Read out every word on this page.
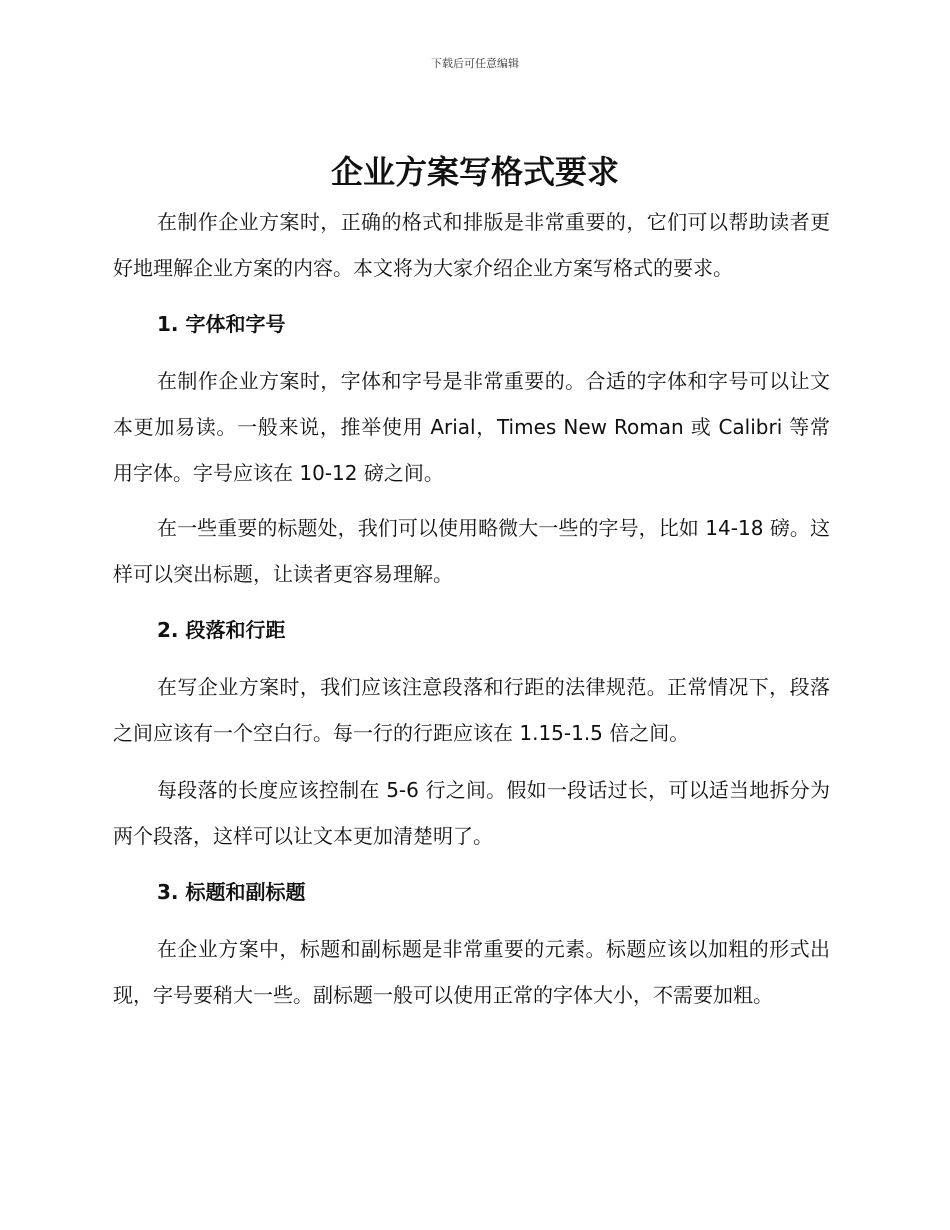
下载后可任意编辑
企业方案写格式要求

在制作企业方案时，正确的格式和排版是非常重要的，它们可以帮助读者更好地理解企业方案的内容。本文将为大家介绍企业方案写格式的要求。

1. 字体和字号

在制作企业方案时，字体和字号是非常重要的。合适的字体和字号可以让文本更加易读。一般来说，推举使用 Arial，Times New Roman 或 Calibri 等常用字体。字号应该在 10-12 磅之间。

在一些重要的标题处，我们可以使用略微大一些的字号，比如 14-18 磅。这样可以突出标题，让读者更容易理解。

2. 段落和行距

在写企业方案时，我们应该注意段落和行距的法律规范。正常情况下，段落之间应该有一个空白行。每一行的行距应该在 1.15-1.5 倍之间。

每段落的长度应该控制在 5-6 行之间。假如一段话过长，可以适当地拆分为两个段落，这样可以让文本更加清楚明了。

3. 标题和副标题

在企业方案中，标题和副标题是非常重要的元素。标题应该以加粗的形式出现，字号要稍大一些。副标题一般可以使用正常的字体大小，不需要加粗。
